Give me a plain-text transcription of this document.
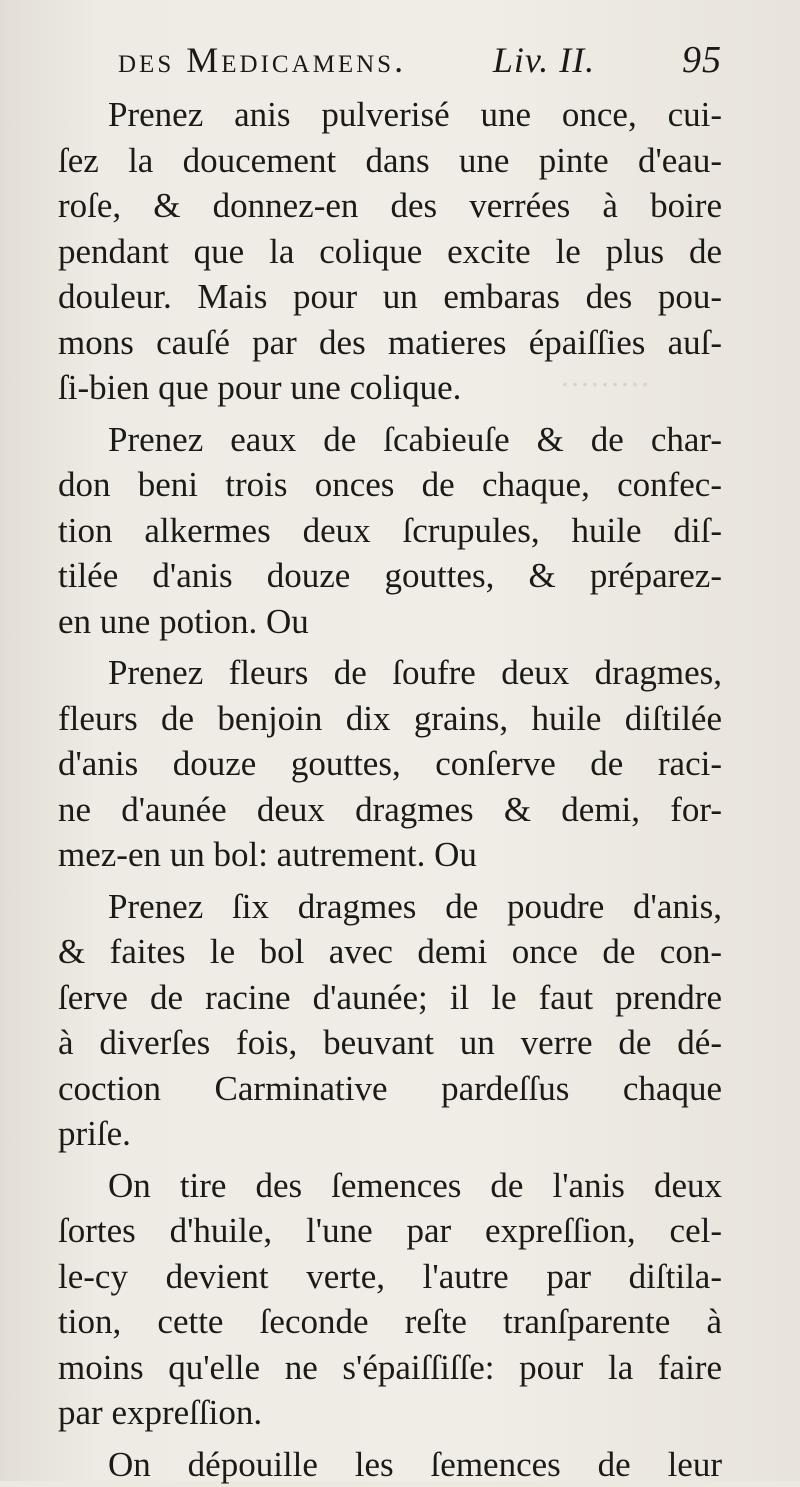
………
des Medicamens. Liv. II. 95
Prenez anis pulverisé une once, cui-
ſez la doucement dans une pinte d'eau-
roſe, & donnez-en des verrées à boire
pendant que la colique excite le plus de
douleur. Mais pour un embaras des pou-
mons cauſé par des matieres épaiſſies auſ-
ſi-bien que pour une colique.
Prenez eaux de ſcabieuſe & de char-
don beni trois onces de chaque, confec-
tion alkermes deux ſcrupules, huile diſ-
tilée d'anis douze gouttes, & préparez-
en une potion. Ou
Prenez fleurs de ſoufre deux dragmes,
fleurs de benjoin dix grains, huile diſtilée
d'anis douze gouttes, conſerve de raci-
ne d'aunée deux dragmes & demi, for-
mez-en un bol: autrement. Ou
Prenez ſix dragmes de poudre d'anis,
& faites le bol avec demi once de con-
ſerve de racine d'aunée; il le faut prendre
à diverſes fois, beuvant un verre de dé-
coction Carminative pardeſſus chaque
priſe.
On tire des ſemences de l'anis deux
ſortes d'huile, l'une par expreſſion, cel-
le-cy devient verte, l'autre par diſtila-
tion, cette ſeconde reſte tranſparente à
moins qu'elle ne s'épaiſſiſſe: pour la faire
par expreſſion.
On dépouille les ſemences de leur
